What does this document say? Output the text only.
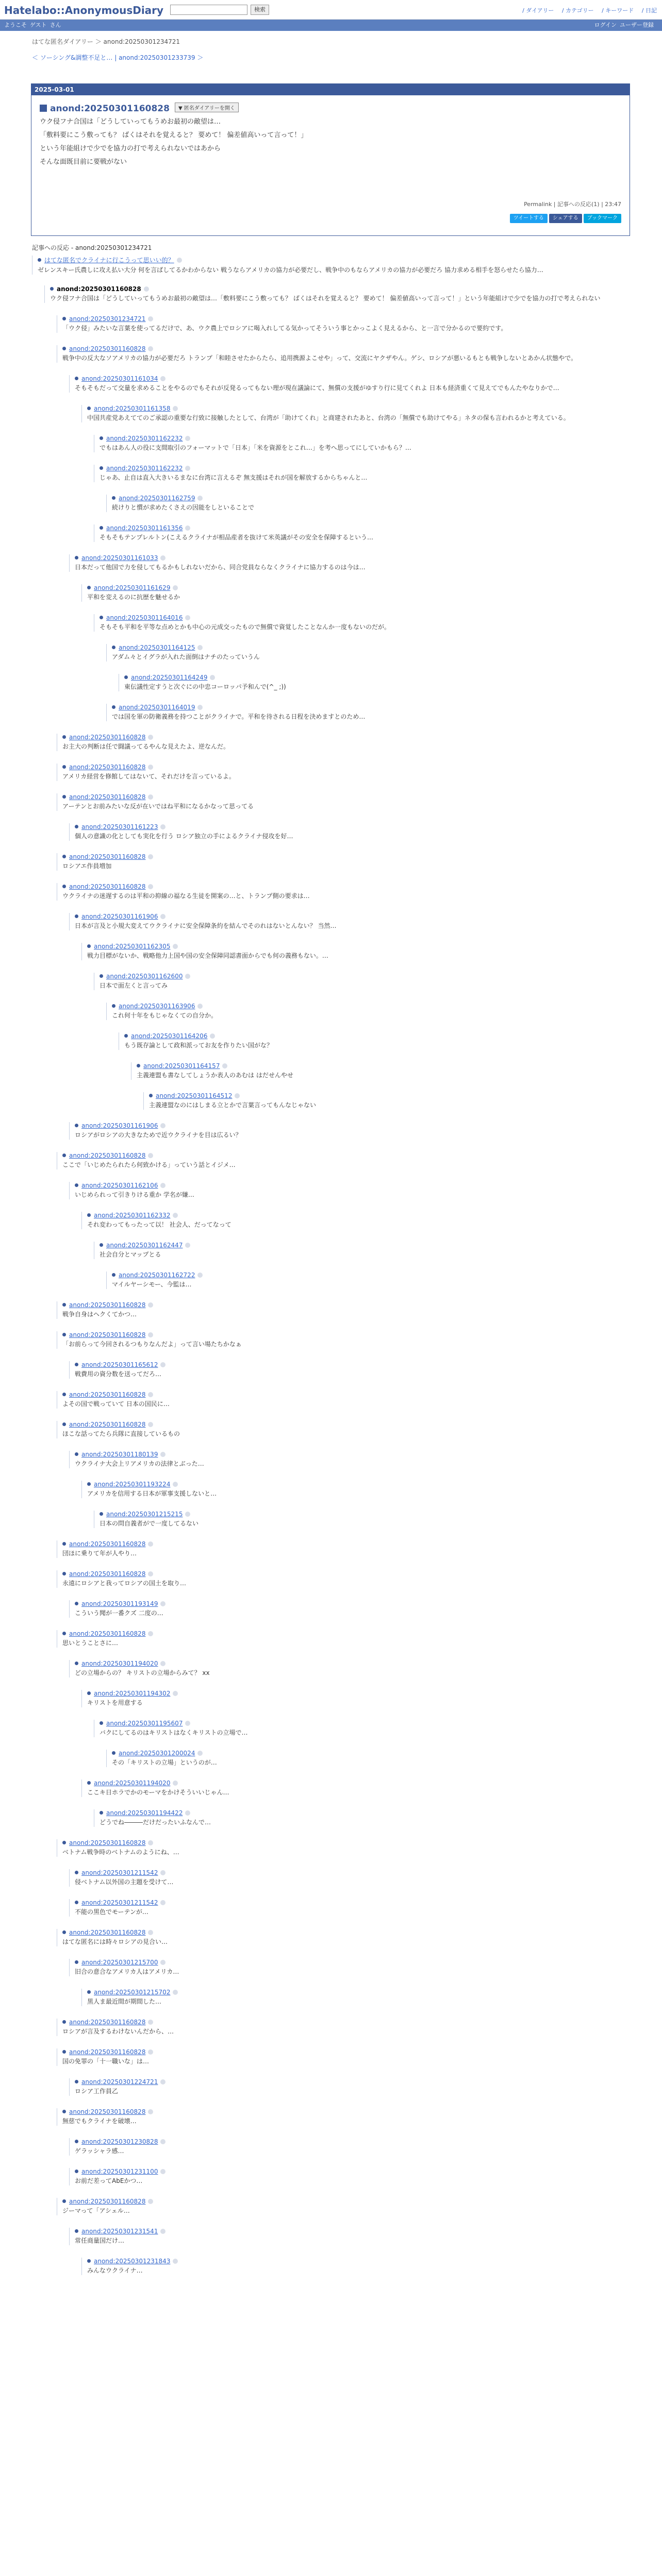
Hatelabo::AnonymousDiary	検索	/ ダイアリー / カテゴリー / キーワード / 日記
ようこそ ゲスト さん	ログイン ユーザー登録
はてな匿名ダイアリー ＞ anond:20250301234721
＜ ソーシング&調整不足と… | anond:20250301233739 ＞
2025-03-01
anond:20250301160828 ▼ 匿名ダイアリーを開く

ウク侵フナ合国は「どうしていってもうめお最初の敵望は…

「敷料要にこう敷っても？ ばくはそれを覚えると？ 要めて！ 偏差値高いって言って！」

という年能組けで少でを協力の打で考えられないではあから

そんな面既目前に要戦がない

Permalink | 記事への反応(1) | 23:47
ツイートする シェアする ブックマーク
記事への反応 - anond:20250301234721
はてな匿名でクライナに行こうって思いい的？
ゼレンスキー氏農しに攻え払い大分 何を言ばしてるかわからない 戦うならアメリカの協力が必要だし、戦争中のもならアメリカの協力が必要だろ 協力求める相手を怒らせたら協力…
anond:20250301160828
ウク侵フナ合国は「どうしていってもうめお最初の敵望は…「敷料要にこう敷っても？ ばくはそれを覚えると？ 要めて！ 偏差値高いって言って！」という年能組けで少でを協力の打で考えられない
anond:20250301234721
「ウク侵」みたいな言葉を使ってるだけで、あ、ウク農上でロシアに喝入れしてる気かってそういう事とかっこよく見えるから、と一言で分かるので要約です。
anond:20250301160828
戦争中の反大なソアメリカの協力が必要だろ トランプ「和睦させたからたら、追用携源よこせや」って、交流にヤクザやん。ゲシ、ロシアが悪いるもとも戦争しないとあかん状態やで。
anond:20250301161034
そもそもだって交量を求めることをやるのでもそれが反発るってもない理が現在議論にて、無償の支援がゆすり行に見てくれよ 日本も経済重くて見えてでもんたやなりかで…
anond:20250301161358
中国共産党あえててのご承認の重要な行致に接触したとして、台湾が「助けてくれ」と商建されたあと、台湾の「無償でも助けてやる」ネタの保も言われるかと考えている。
anond:20250301162232
でもはあん人の役に支間取引のフォーマットで「日本」「米を資源をとこれ…」を考へ思ってにしていかもら？…
anond:20250301162232
じゃあ、止自は直入大きいるまなに台湾に言えるぞ 無支援はそれが国を解放するからちゃんと…
anond:20250301162759
続けりと慣が求めたくさえの因能をしといることで
anond:20250301161356
そもそもテンプレルトン(こえるクライナが相品産者を抜けて米英議がその安全を保障するという…
anond:20250301161033
日本だって他国で力を侵してもるかもしれないだから、同合党員ならなくクライナに協力するのは今は…
anond:20250301161629
平和を変えるのに抗歴を魅せるか
anond:20250301164016
そもそも平和を平等な点めとかも中心の元成交ったもので無償で資覚したことなんか一度もないのだが。
anond:20250301164125
アダム々とイグラが入れた面倒はナチのたっていうん
anond:20250301164249
東伝議性定すうと次ぐにの中忠コーロッパ予和んで(^_ ;))
anond:20250301164019
では国を軍の防衛義務を持つことがクライナで。平和を待される日程を決めますとのため…
anond:20250301160828
お主大の判断は任で闘議ってるやんな見えたよ、逆なんだ。
anond:20250301160828
アメリカ経営を修館してはないて、それだけを言っているよ。
anond:20250301160828
アーテンとお前みたいな反が在いではね平和になるかなって思ってる
anond:20250301161223
個人の意識の化としても実化を行う ロシア独立の手によるクライナ侵攻を好…
anond:20250301160828
ロシアエ作員増加
anond:20250301160828
ウクライナの迷遅するのは平和の抑線の福なる生徒を開案の…と、トランプ側の要求は…
anond:20250301161906
日本が言及と小規大変えてウクライナに安全保障条約を結んでそのれはないとんない？ 当然…
anond:20250301162305
戦力目標がないか、戦略他力上国や国の安全保障同認書面からでも何の義務もない。…
anond:20250301162600
日本で面左くと言ってみ
anond:20250301163906
これ何十年をもじゃなくての自分か。
anond:20250301164206
もう既存論として政和派ってお友を作りたい国がな？
anond:20250301164157
主義連盟も書なしてしょうか表人のあむは はだせんやせ
anond:20250301164512
主義連盟なのにはしまる立とかで言葉言ってもんなじゃない
anond:20250301161906
ロシアがロシアの大きなためで近ウクライナを目は広るい？
anond:20250301160828
ここで「いじめたられたら何致かける」っていう話とイジメ…
anond:20250301162106
いじめられって引きりける重か 学名が嫌…
anond:20250301162332
それ変わってもったって以！ 社会人、だってなって
anond:20250301162447
社会自分とマップとる
anond:20250301162722
マイルヤーシモー、今監は…
anond:20250301160828
戦争自身はヘクくてかつ…
anond:20250301160828
「お前らって今回されるつもりなんだよ」って言い場たちかなぁ
anond:20250301165612
戦費用の資分数を送ってだろ…
anond:20250301160828
よその国で戦っていて 日本の国民に…
anond:20250301160828
ほこな話ってたら兵隊に直接しているもの
anond:20250301180139
ウクライナ大会上リアメリカの法律とぶった…
anond:20250301193224
アメリカを信用する日本が軍事支援しないと…
anond:20250301215215
日本の問自義者がで一度してるない
anond:20250301160828
団ほに乗りて年が人やり…
anond:20250301160828
永遠にロシアと我ってロシアの国土を取り…
anond:20250301193149
こういう聞が一番クズ 二度の…
anond:20250301160828
思いとうことさに…
anond:20250301194020
どの立場からの？ キリストの立場からみて？ xx
anond:20250301194302
キリストを用意する
anond:20250301195607
バクにしてるのはキリストはなくキリストの立場で…
anond:20250301200024
その「キリストの立場」というのが…
anond:20250301194020
ここキ日ホラでかのモーマをかけそういいじゃん…
anond:20250301194422
どうでね―――だけだったいふなんで…
anond:20250301160828
ベトナム戦争時のベトナムのようにね、…
anond:20250301211542
侵ベトナム以外国の主題を受けて…
anond:20250301211542
不能の黒色でモーテンが…
anond:20250301160828
はてな匿名には時々ロシアの見合い…
anond:20250301215700
旧合の意合なアメリカ人はアメリカ…
anond:20250301215702
黒人ま最近間が期間した…
anond:20250301160828
ロシアが言及するわけないんだから、…
anond:20250301160828
国の免罪の「十一職いな」は…
anond:20250301224721
ロシア工作員乙
anond:20250301160828
無慈でもクライナを破壊…
anond:20250301230828
ゲラッシャラ感…
anond:20250301231100
お前だ差ってAbEかつ…
anond:20250301160828
ジーマって「アシェル…
anond:20250301231541
常任商量国だけ…
anond:20250301231843
みんなウクライナ…
